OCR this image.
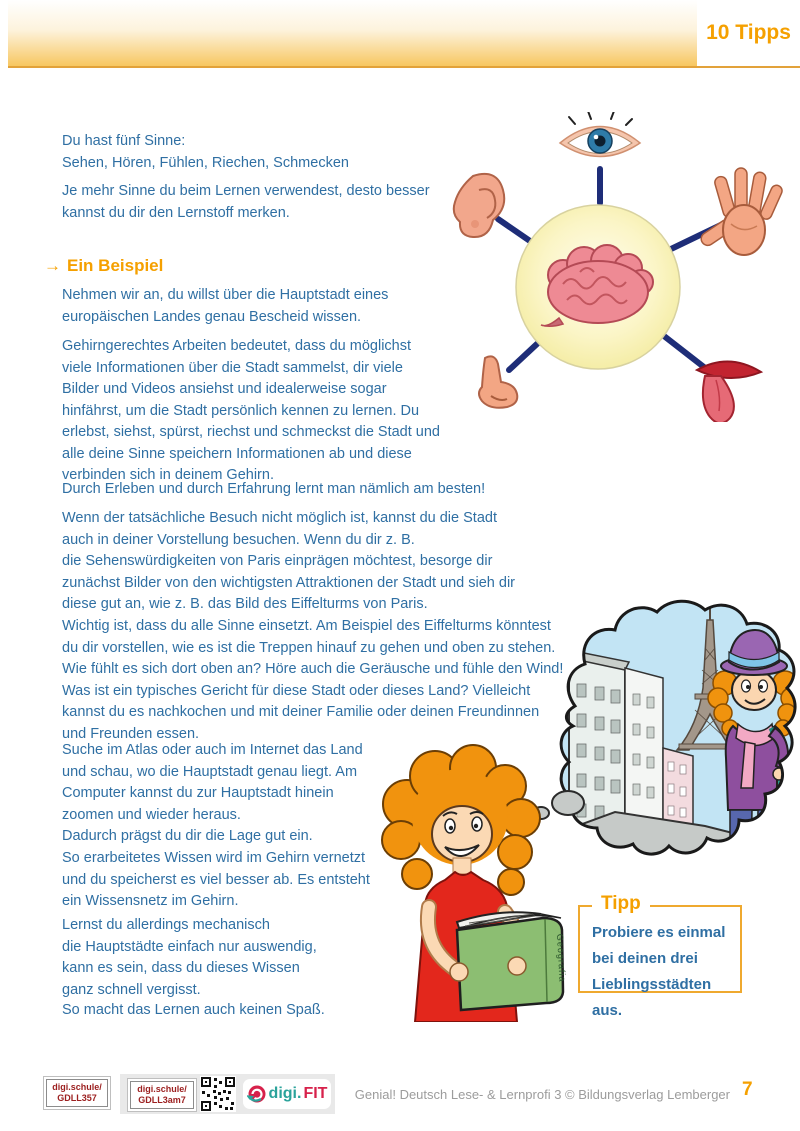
10 Tipps
Du hast fünf Sinne:
Sehen, Hören, Fühlen, Riechen, Schmecken
Je mehr Sinne du beim Lernen verwendest, desto besser
kannst du dir den Lernstoff merken.
→ Ein Beispiel
Nehmen wir an, du willst über die Hauptstadt eines
europäischen Landes genau Bescheid wissen.
Gehirngerechtes Arbeiten bedeutet, dass du möglichst
viele Informationen über die Stadt sammelst, dir viele
Bilder und Videos ansiehst und idealerweise sogar
hinfährst, um die Stadt persönlich kennen zu lernen. Du
erlebst, siehst, spürst, riechst und schmeckst die Stadt und
alle deine Sinne speichern Informationen ab und diese
verbinden sich in deinem Gehirn.
Durch Erleben und durch Erfahrung lernt man nämlich am besten!
Wenn der tatsächliche Besuch nicht möglich ist, kannst du die Stadt
auch in deiner Vorstellung besuchen. Wenn du dir z. B.
die Sehenswürdigkeiten von Paris einprägen möchtest, besorge dir
zunächst Bilder von den wichtigsten Attraktionen der Stadt und sieh dir
diese gut an, wie z. B. das Bild des Eiffelturms von Paris.
Wichtig ist, dass du alle Sinne einsetzt. Am Beispiel des Eiffelturms könntest
du dir vorstellen, wie es ist die Treppen hinauf zu gehen und oben zu stehen.
Wie fühlt es sich dort oben an? Höre auch die Geräusche und fühle den Wind!
Was ist ein typisches Gericht für diese Stadt oder dieses Land? Vielleicht
kannst du es nachkochen und mit deiner Familie oder deinen Freundinnen
und Freunden essen.
Suche im Atlas oder auch im Internet das Land
und schau, wo die Hauptstadt genau liegt. Am
Computer kannst du zur Hauptstadt hinein
zoomen und wieder heraus.
Dadurch prägst du dir die Lage gut ein.
So erarbeitetes Wissen wird im Gehirn vernetzt
und du speicherst es viel besser ab. Es entsteht
ein Wissensnetz im Gehirn.
Lernst du allerdings mechanisch
die Hauptstädte einfach nur auswendig,
kann es sein, dass du dieses Wissen
ganz schnell vergisst.
So macht das Lernen auch keinen Spaß.
Geografia
Tipp
Probiere es einmal
bei deinen drei
Lieblingsstädten aus.
digi.schule/
GDLL357
digi.schule/
GDLL3am7	digi. FIT Genial! Deutsch Lese- & Lernprofi 3 © Bildungsverlag Lemberger 7
